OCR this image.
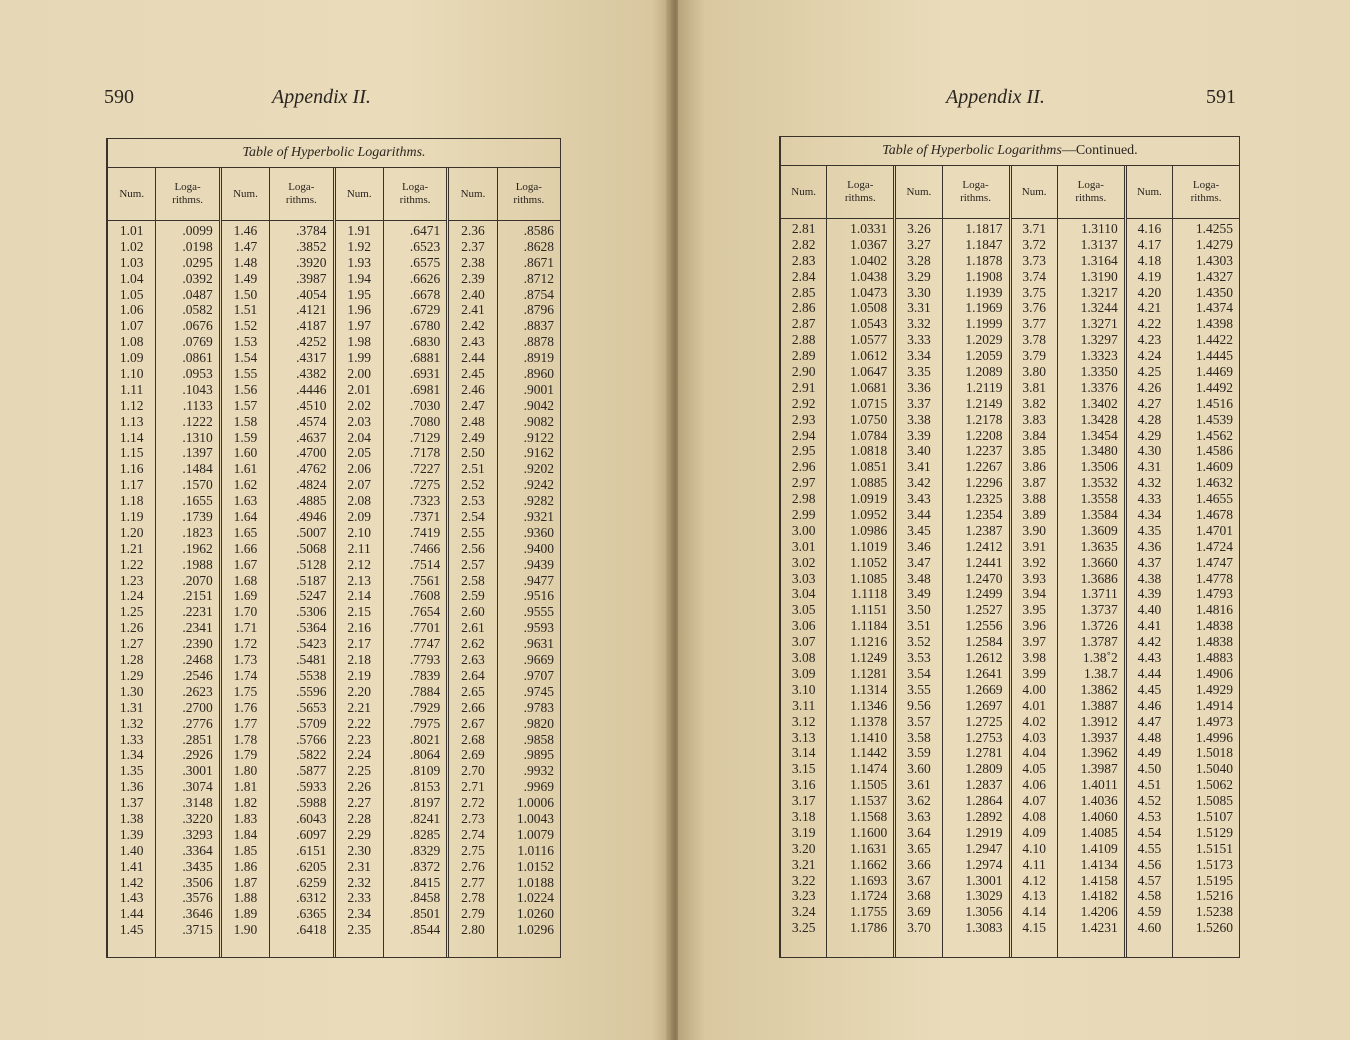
590	Appendix II.
Table of Hyperbolic Logarithms.
Num.
1.01
1.02
1.03
1.04
1.05
1.06
1.07
1.08
1.09
1.10
1.11
1.12
1.13
1.14
1.15
1.16
1.17
1.18
1.19
1.20
1.21
1.22
1.23
1.24
1.25
1.26
1.27
1.28
1.29
1.30
1.31
1.32
1.33
1.34
1.35
1.36
1.37
1.38
1.39
1.40
1.41
1.42
1.43
1.44
1.45
Loga-
rithms.
.0099
.0198
.0295
.0392
.0487
.0582
.0676
.0769
.0861
.0953
.1043
.1133
.1222
.1310
.1397
.1484
.1570
.1655
.1739
.1823
.1962
.1988
.2070
.2151
.2231
.2341
.2390
.2468
.2546
.2623
.2700
.2776
.2851
.2926
.3001
.3074
.3148
.3220
.3293
.3364
.3435
.3506
.3576
.3646
.3715
Num.
1.46
1.47
1.48
1.49
1.50
1.51
1.52
1.53
1.54
1.55
1.56
1.57
1.58
1.59
1.60
1.61
1.62
1.63
1.64
1.65
1.66
1.67
1.68
1.69
1.70
1.71
1.72
1.73
1.74
1.75
1.76
1.77
1.78
1.79
1.80
1.81
1.82
1.83
1.84
1.85
1.86
1.87
1.88
1.89
1.90
Loga-
rithms.
.3784
.3852
.3920
.3987
.4054
.4121
.4187
.4252
.4317
.4382
.4446
.4510
.4574
.4637
.4700
.4762
.4824
.4885
.4946
.5007
.5068
.5128
.5187
.5247
.5306
.5364
.5423
.5481
.5538
.5596
.5653
.5709
.5766
.5822
.5877
.5933
.5988
.6043
.6097
.6151
.6205
.6259
.6312
.6365
.6418
Num.
1.91
1.92
1.93
1.94
1.95
1.96
1.97
1.98
1.99
2.00
2.01
2.02
2.03
2.04
2.05
2.06
2.07
2.08
2.09
2.10
2.11
2.12
2.13
2.14
2.15
2.16
2.17
2.18
2.19
2.20
2.21
2.22
2.23
2.24
2.25
2.26
2.27
2.28
2.29
2.30
2.31
2.32
2.33
2.34
2.35
Loga-
rithms.
.6471
.6523
.6575
.6626
.6678
.6729
.6780
.6830
.6881
.6931
.6981
.7030
.7080
.7129
.7178
.7227
.7275
.7323
.7371
.7419
.7466
.7514
.7561
.7608
.7654
.7701
.7747
.7793
.7839
.7884
.7929
.7975
.8021
.8064
.8109
.8153
.8197
.8241
.8285
.8329
.8372
.8415
.8458
.8501
.8544
Num.
2.36
2.37
2.38
2.39
2.40
2.41
2.42
2.43
2.44
2.45
2.46
2.47
2.48
2.49
2.50
2.51
2.52
2.53
2.54
2.55
2.56
2.57
2.58
2.59
2.60
2.61
2.62
2.63
2.64
2.65
2.66
2.67
2.68
2.69
2.70
2.71
2.72
2.73
2.74
2.75
2.76
2.77
2.78
2.79
2.80
Loga-
rithms.
.8586
.8628
.8671
.8712
.8754
.8796
.8837
.8878
.8919
.8960
.9001
.9042
.9082
.9122
.9162
.9202
.9242
.9282
.9321
.9360
.9400
.9439
.9477
.9516
.9555
.9593
.9631
.9669
.9707
.9745
.9783
.9820
.9858
.9895
.9932
.9969
1.0006
1.0043
1.0079
1.0116
1.0152
1.0188
1.0224
1.0260
1.0296
Appendix II.	591
Table of Hyperbolic Logarithms—Continued.
Num.
2.81
2.82
2.83
2.84
2.85
2.86
2.87
2.88
2.89
2.90
2.91
2.92
2.93
2.94
2.95
2.96
2.97
2.98
2.99
3.00
3.01
3.02
3.03
3.04
3.05
3.06
3.07
3.08
3.09
3.10
3.11
3.12
3.13
3.14
3.15
3.16
3.17
3.18
3.19
3.20
3.21
3.22
3.23
3.24
3.25
Loga-
rithms.
1.0331
1.0367
1.0402
1.0438
1.0473
1.0508
1.0543
1.0577
1.0612
1.0647
1.0681
1.0715
1.0750
1.0784
1.0818
1.0851
1.0885
1.0919
1.0952
1.0986
1.1019
1.1052
1.1085
1.1118
1.1151
1.1184
1.1216
1.1249
1.1281
1.1314
1.1346
1.1378
1.1410
1.1442
1.1474
1.1505
1.1537
1.1568
1.1600
1.1631
1.1662
1.1693
1.1724
1.1755
1.1786
Num.
3.26
3.27
3.28
3.29
3.30
3.31
3.32
3.33
3.34
3.35
3.36
3.37
3.38
3.39
3.40
3.41
3.42
3.43
3.44
3.45
3.46
3.47
3.48
3.49
3.50
3.51
3.52
3.53
3.54
3.55
9.56
3.57
3.58
3.59
3.60
3.61
3.62
3.63
3.64
3.65
3.66
3.67
3.68
3.69
3.70
Loga-
rithms.
1.1817
1.1847
1.1878
1.1908
1.1939
1.1969
1.1999
1.2029
1.2059
1.2089
1.2119
1.2149
1.2178
1.2208
1.2237
1.2267
1.2296
1.2325
1.2354
1.2387
1.2412
1.2441
1.2470
1.2499
1.2527
1.2556
1.2584
1.2612
1.2641
1.2669
1.2697
1.2725
1.2753
1.2781
1.2809
1.2837
1.2864
1.2892
1.2919
1.2947
1.2974
1.3001
1.3029
1.3056
1.3083
Num.
3.71
3.72
3.73
3.74
3.75
3.76
3.77
3.78
3.79
3.80
3.81
3.82
3.83
3.84
3.85
3.86
3.87
3.88
3.89
3.90
3.91
3.92
3.93
3.94
3.95
3.96
3.97
3.98
3.99
4.00
4.01
4.02
4.03
4.04
4.05
4.06
4.07
4.08
4.09
4.10
4.11
4.12
4.13
4.14
4.15
Loga-
rithms.
1.3110
1.3137
1.3164
1.3190
1.3217
1.3244
1.3271
1.3297
1.3323
1.3350
1.3376
1.3402
1.3428
1.3454
1.3480
1.3506
1.3532
1.3558
1.3584
1.3609
1.3635
1.3660
1.3686
1.3711
1.3737
1.3726
1.3787
1.38˚2
1.38.7
1.3862
1.3887
1.3912
1.3937
1.3962
1.3987
1.4011
1.4036
1.4060
1.4085
1.4109
1.4134
1.4158
1.4182
1.4206
1.4231
Num.
4.16
4.17
4.18
4.19
4.20
4.21
4.22
4.23
4.24
4.25
4.26
4.27
4.28
4.29
4.30
4.31
4.32
4.33
4.34
4.35
4.36
4.37
4.38
4.39
4.40
4.41
4.42
4.43
4.44
4.45
4.46
4.47
4.48
4.49
4.50
4.51
4.52
4.53
4.54
4.55
4.56
4.57
4.58
4.59
4.60
Loga-
rithms.
1.4255
1.4279
1.4303
1.4327
1.4350
1.4374
1.4398
1.4422
1.4445
1.4469
1.4492
1.4516
1.4539
1.4562
1.4586
1.4609
1.4632
1.4655
1.4678
1.4701
1.4724
1.4747
1.4778
1.4793
1.4816
1.4838
1.4838
1.4883
1.4906
1.4929
1.4914
1.4973
1.4996
1.5018
1.5040
1.5062
1.5085
1.5107
1.5129
1.5151
1.5173
1.5195
1.5216
1.5238
1.5260
